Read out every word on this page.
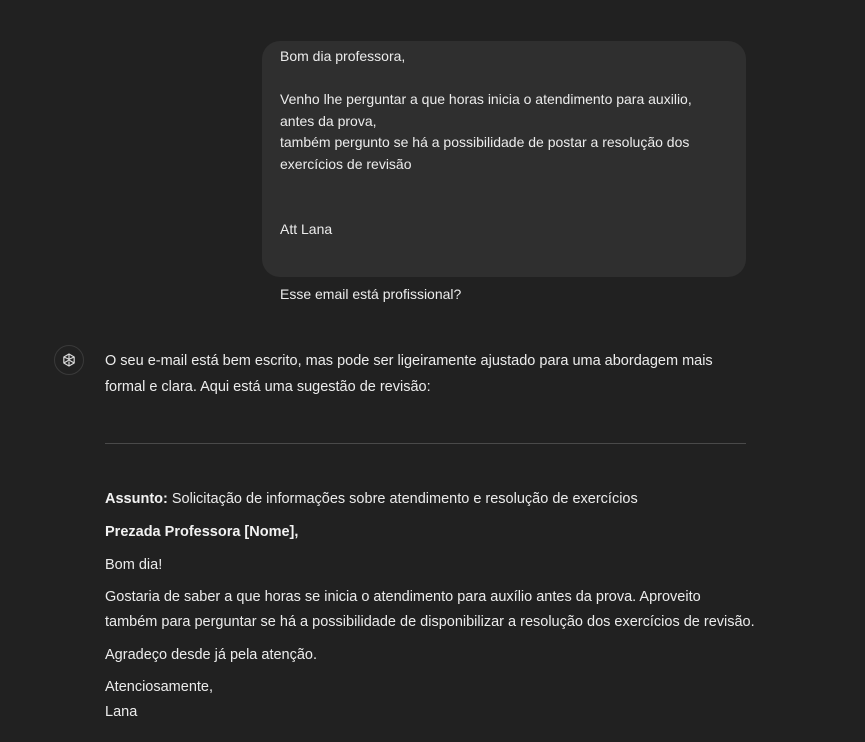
Bom dia professora,
Venho lhe perguntar a que horas inicia o atendimento para auxilio,
antes da prova,
também pergunto se há a possibilidade de postar a resolução dos
exercícios de revisão
Att Lana
Esse email está profissional?
O seu e-mail está bem escrito, mas pode ser ligeiramente ajustado para uma abordagem mais
formal e clara. Aqui está uma sugestão de revisão:
Assunto: Solicitação de informações sobre atendimento e resolução de exercícios
Prezada Professora [Nome],
Bom dia!
Gostaria de saber a que horas se inicia o atendimento para auxílio antes da prova. Aproveito
também para perguntar se há a possibilidade de disponibilizar a resolução dos exercícios de revisão.
Agradeço desde já pela atenção.
Atenciosamente,
Lana
